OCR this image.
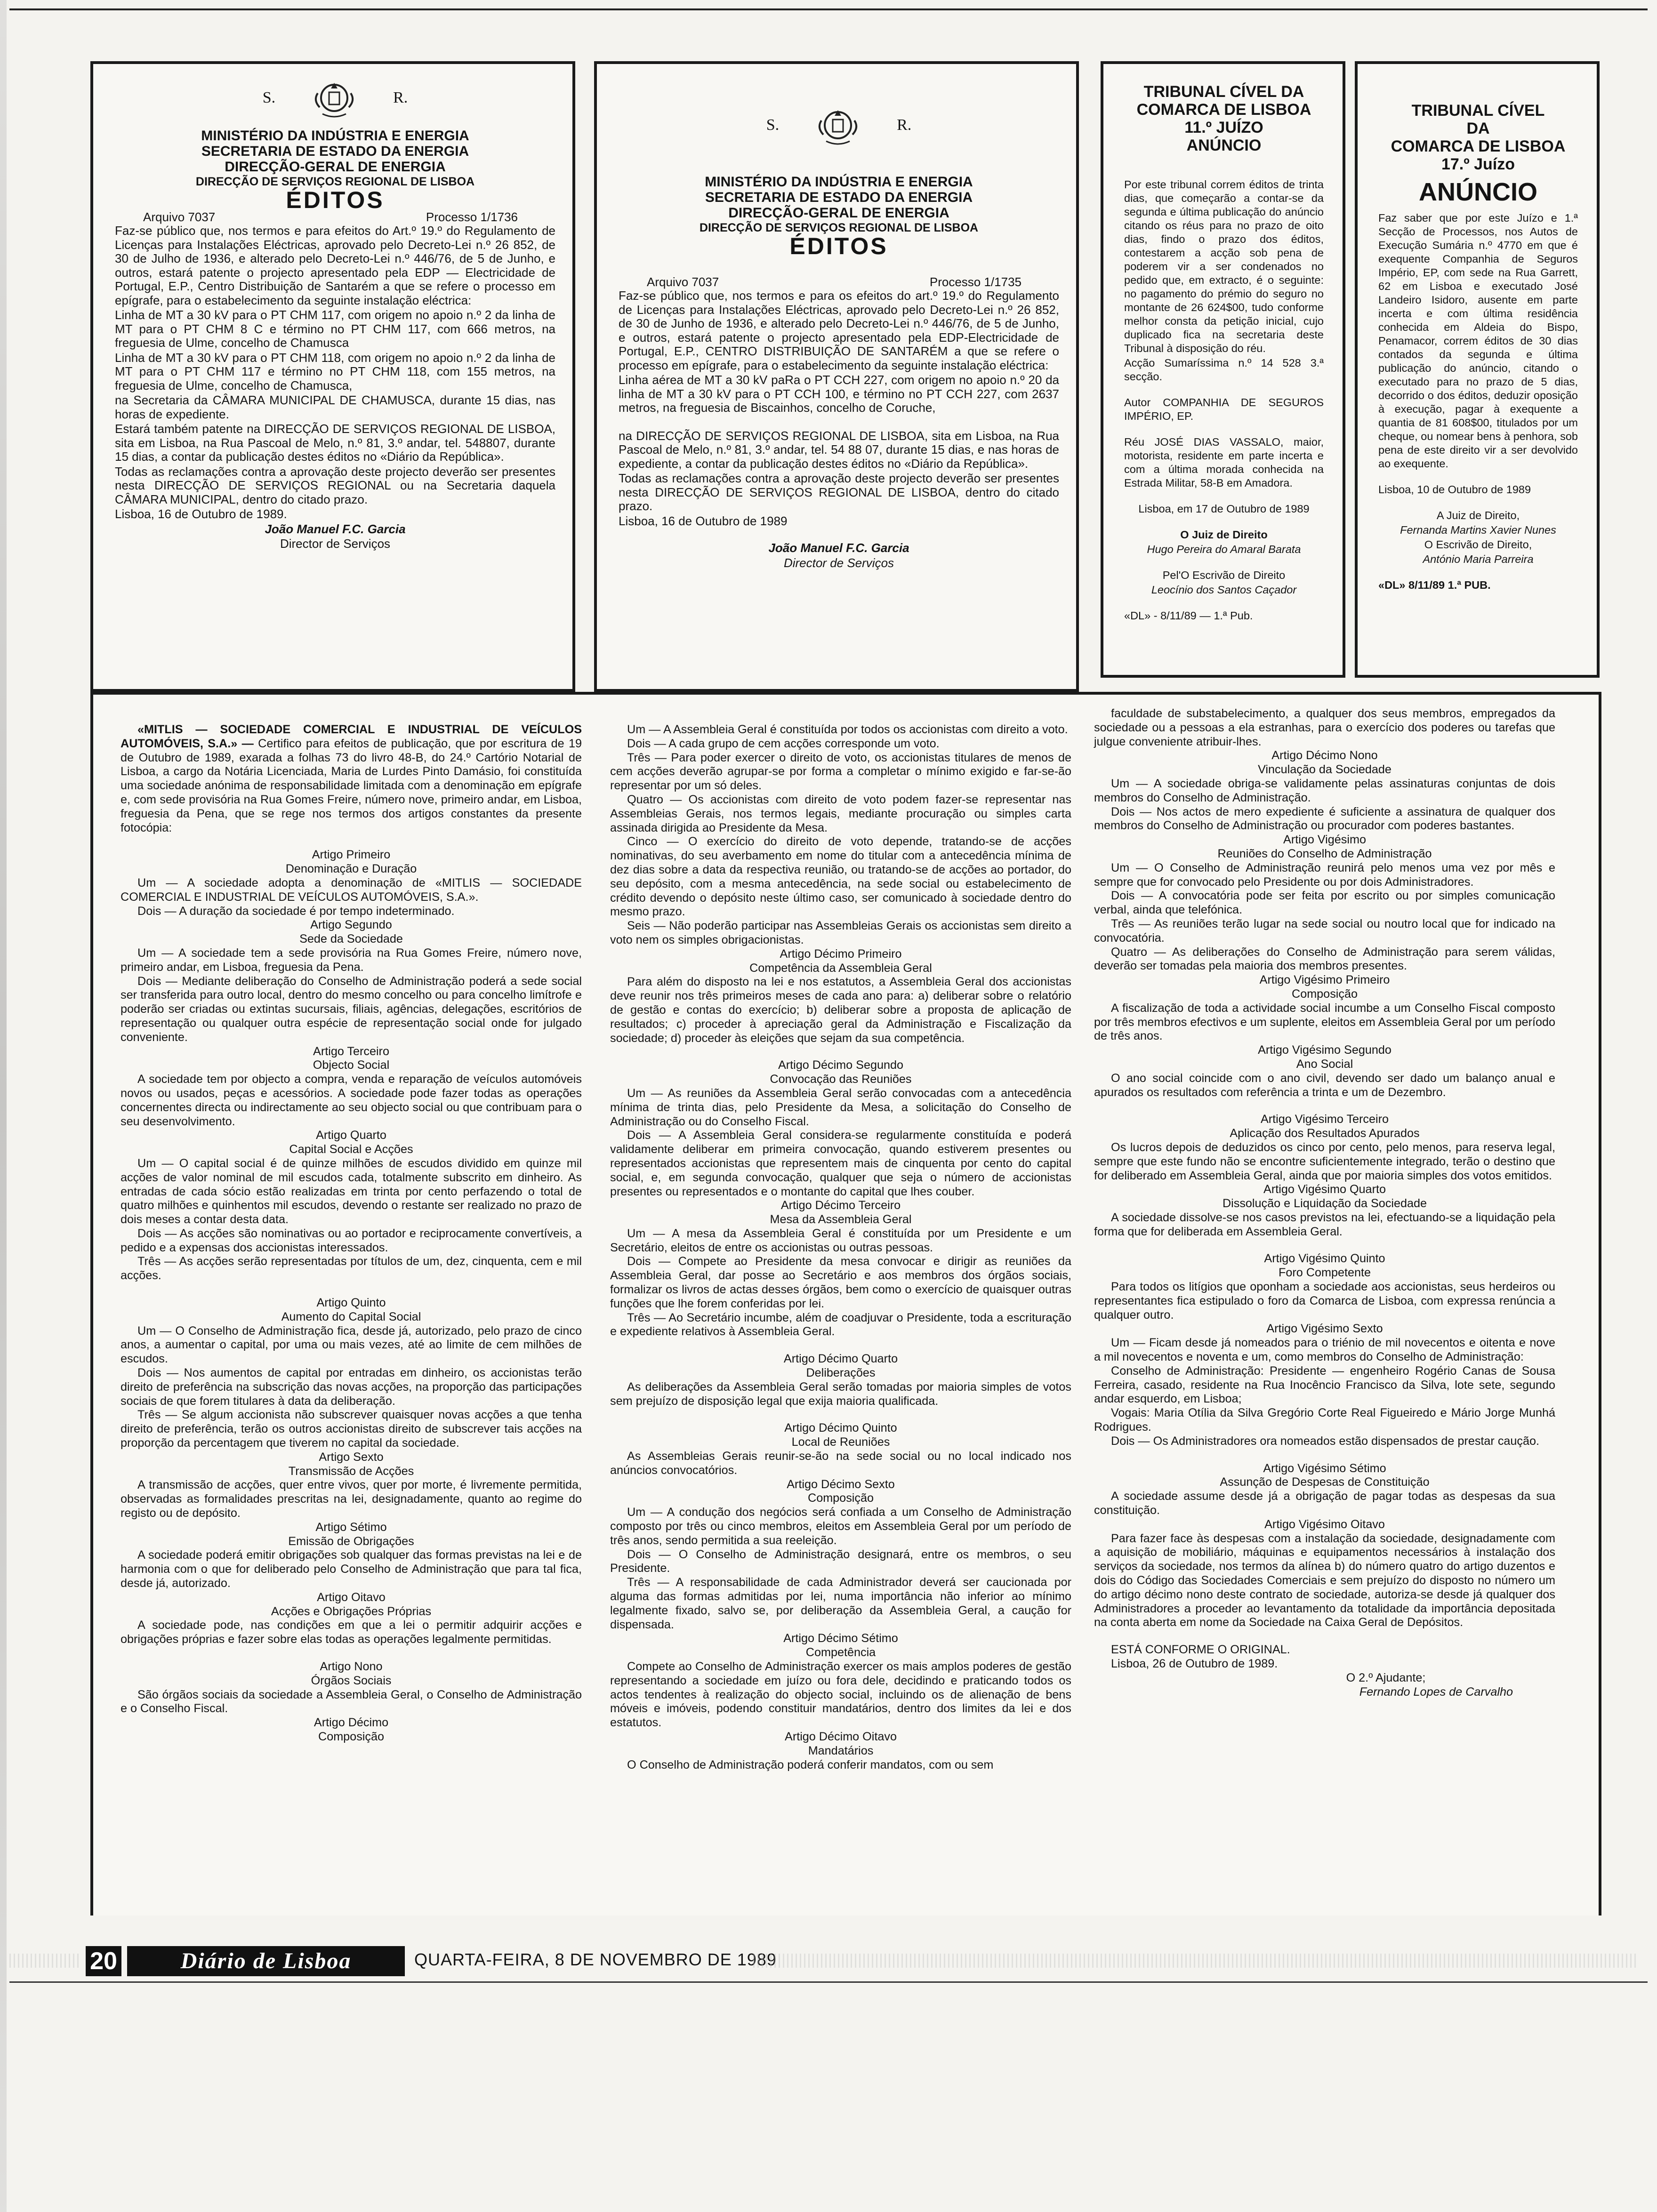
S.	R.
MINISTÉRIO DA INDÚSTRIA E ENERGIA
SECRETARIA DE ESTADO DA ENERGIA
DIRECÇÃO-GERAL DE ENERGIA
DIRECÇÃO DE SERVIÇOS REGIONAL DE LISBOA
ÉDITOS
Arquivo 7037	Processo 1/1736

Faz-se público que, nos termos e para efeitos do Art.º 19.º do Regulamento de Licenças para Instalações Eléctricas, aprovado pelo Decreto-Lei n.º 26 852, de 30 de Julho de 1936, e alterado pelo Decreto-Lei n.º 446/76, de 5 de Junho, e outros, estará patente o projecto apresentado pela EDP — Electricidade de Portugal, E.P., Centro Distribuição de Santarém a que se refere o processo em epígrafe, para o estabelecimento da seguinte instalação eléctrica:

Linha de MT a 30 kV para o PT CHM 117, com origem no apoio n.º 2 da linha de MT para o PT CHM 8 C e término no PT CHM 117, com 666 metros, na freguesia de Ulme, concelho de Chamusca

Linha de MT a 30 kV para o PT CHM 118, com origem no apoio n.º 2 da linha de MT para o PT CHM 117 e término no PT CHM 118, com 155 metros, na freguesia de Ulme, concelho de Chamusca,

na Secretaria da CÂMARA MUNICIPAL DE CHAMUSCA, durante 15 dias, nas horas de expediente.

Estará também patente na DIRECÇÃO DE SERVIÇOS REGIONAL DE LISBOA, sita em Lisboa, na Rua Pascoal de Melo, n.º 81, 3.º andar, tel. 548807, durante 15 dias, a contar da publicação destes éditos no «Diário da República».

Todas as reclamações contra a aprovação deste projecto deverão ser presentes nesta DIRECÇÃO DE SERVIÇOS REGIONAL ou na Secretaria daquela CÂMARA MUNICIPAL, dentro do citado prazo.

Lisboa, 16 de Outubro de 1989.

João Manuel F.C. Garcia

Director de Serviços

S.	R.
MINISTÉRIO DA INDÚSTRIA E ENERGIA
SECRETARIA DE ESTADO DA ENERGIA
DIRECÇÃO-GERAL DE ENERGIA
DIRECÇÃO DE SERVIÇOS REGIONAL DE LISBOA
ÉDITOS
Arquivo 7037	Processo 1/1735

Faz-se público que, nos termos e para os efeitos do art.º 19.º do Regulamento de Licenças para Instalações Eléctricas, aprovado pelo Decreto-Lei n.º 26 852, de 30 de Junho de 1936, e alterado pelo Decreto-Lei n.º 446/76, de 5 de Junho, e outros, estará patente o projecto apresentado pela EDP-Electricidade de Portugal, E.P., CENTRO DISTRIBUIÇÃO DE SANTARÉM a que se refere o processo em epígrafe, para o estabelecimento da seguinte instalação eléctrica:

Linha aérea de MT a 30 kV paRa o PT CCH 227, com origem no apoio n.º 20 da linha de MT a 30 kV para o PT CCH 100, e término no PT CCH 227, com 2637 metros, na freguesia de Biscainhos, concelho de Coruche,

na DIRECÇÃO DE SERVIÇOS REGIONAL DE LISBOA, sita em Lisboa, na Rua Pascoal de Melo, n.º 81, 3.º andar, tel. 54 88 07, durante 15 dias, e nas horas de expediente, a contar da publicação destes éditos no «Diário da República».

Todas as reclamações contra a aprovação deste projecto deverão ser presentes nesta DIRECÇÃO DE SERVIÇOS REGIONAL DE LISBOA, dentro do citado prazo.

Lisboa, 16 de Outubro de 1989

João Manuel F.C. Garcia

Director de Serviços

TRIBUNAL CÍVEL DA
COMARCA DE LISBOA
11.º JUÍZO
ANÚNCIO

Por este tribunal correm éditos de trinta dias, que começarão a contar-se da segunda e última publicação do anúncio citando os réus para no prazo de oito dias, findo o prazo dos éditos, contestarem a acção sob pena de poderem vir a ser condenados no pedido que, em extracto, é o seguinte: no pagamento do prémio do seguro no montante de 26 624$00, tudo conforme melhor consta da petição inicial, cujo duplicado fica na secretaria deste Tribunal à disposição do réu.

Acção Sumaríssima n.º 14 528 3.ª secção.

Autor COMPANHIA DE SEGUROS IMPÉRIO, EP.

Réu JOSÉ DIAS VASSALO, maior, motorista, residente em parte incerta e com a última morada conhecida na Estrada Militar, 58-B em Amadora.

Lisboa, em 17 de Outubro de 1989

O Juiz de Direito

Hugo Pereira do Amaral Barata

Pel'O Escrivão de Direito

Leocínio dos Santos Caçador

«DL» - 8/11/89 — 1.ª Pub.

TRIBUNAL CÍVEL
DA
COMARCA DE LISBOA
17.º Juízo
ANÚNCIO

Faz saber que por este Juízo e 1.ª Secção de Processos, nos Autos de Execução Sumária n.º 4770 em que é exequente Companhia de Seguros Império, EP, com sede na Rua Garrett, 62 em Lisboa e executado José Landeiro Isidoro, ausente em parte incerta e com última residência conhecida em Aldeia do Bispo, Penamacor, correm éditos de 30 dias contados da segunda e última publicação do anúncio, citando o executado para no prazo de 5 dias, decorrido o dos éditos, deduzir oposição à execução, pagar à exequente a quantia de 81 608$00, titulados por um cheque, ou nomear bens à penhora, sob pena de este direito vir a ser devolvido ao exequente.

Lisboa, 10 de Outubro de 1989

A Juiz de Direito,

Fernanda Martins Xavier Nunes

O Escrivão de Direito,

António Maria Parreira

«DL» 8/11/89 1.ª PUB.

«MITLIS — SOCIEDADE COMERCIAL E INDUSTRIAL DE VEÍCULOS AUTOMÓVEIS, S.A.» — Certifico para efeitos de publicação, que por escritura de 19 de Outubro de 1989, exarada a folhas 73 do livro 48-B, do 24.º Cartório Notarial de Lisboa, a cargo da Notária Licenciada, Maria de Lurdes Pinto Damásio, foi constituída uma sociedade anónima de responsabilidade limitada com a denominação em epígrafe e, com sede provisória na Rua Gomes Freire, número nove, primeiro andar, em Lisboa, freguesia da Pena, que se rege nos termos dos artigos constantes da presente fotocópia:

Artigo Primeiro

Denominação e Duração

Um — A sociedade adopta a denominação de «MITLIS — SOCIEDADE COMERCIAL E INDUSTRIAL DE VEÍCULOS AUTOMÓVEIS, S.A.».

Dois — A duração da sociedade é por tempo indeterminado.

Artigo Segundo

Sede da Sociedade

Um — A sociedade tem a sede provisória na Rua Gomes Freire, número nove, primeiro andar, em Lisboa, freguesia da Pena.

Dois — Mediante deliberação do Conselho de Administração poderá a sede social ser transferida para outro local, dentro do mesmo concelho ou para concelho limítrofe e poderão ser criadas ou extintas sucursais, filiais, agências, delegações, escritórios de representação ou qualquer outra espécie de representação social onde for julgado conveniente.

Artigo Terceiro

Objecto Social

A sociedade tem por objecto a compra, venda e reparação de veículos automóveis novos ou usados, peças e acessórios. A sociedade pode fazer todas as operações concernentes directa ou indirectamente ao seu objecto social ou que contribuam para o seu desenvolvimento.

Artigo Quarto

Capital Social e Acções

Um — O capital social é de quinze milhões de escudos dividido em quinze mil acções de valor nominal de mil escudos cada, totalmente subscrito em dinheiro. As entradas de cada sócio estão realizadas em trinta por cento perfazendo o total de quatro milhões e quinhentos mil escudos, devendo o restante ser realizado no prazo de dois meses a contar desta data.

Dois — As acções são nominativas ou ao portador e reciprocamente convertíveis, a pedido e a expensas dos accionistas interessados.

Três — As acções serão representadas por títulos de um, dez, cinquenta, cem e mil acções.

Artigo Quinto

Aumento do Capital Social

Um — O Conselho de Administração fica, desde já, autorizado, pelo prazo de cinco anos, a aumentar o capital, por uma ou mais vezes, até ao limite de cem milhões de escudos.

Dois — Nos aumentos de capital por entradas em dinheiro, os accionistas terão direito de preferência na subscrição das novas acções, na proporção das participações sociais de que forem titulares à data da deliberação.

Três — Se algum accionista não subscrever quaisquer novas acções a que tenha direito de preferência, terão os outros accionistas direito de subscrever tais acções na proporção da percentagem que tiverem no capital da sociedade.

Artigo Sexto

Transmissão de Acções

A transmissão de acções, quer entre vivos, quer por morte, é livremente permitida, observadas as formalidades prescritas na lei, designadamente, quanto ao regime do registo ou de depósito.

Artigo Sétimo

Emissão de Obrigações

A sociedade poderá emitir obrigações sob qualquer das formas previstas na lei e de harmonia com o que for deliberado pelo Conselho de Administração que para tal fica, desde já, autorizado.

Artigo Oitavo

Acções e Obrigações Próprias

A sociedade pode, nas condições em que a lei o permitir adquirir acções e obrigações próprias e fazer sobre elas todas as operações legalmente permitidas.

Artigo Nono

Órgãos Sociais

São órgãos sociais da sociedade a Assembleia Geral, o Conselho de Administração e o Conselho Fiscal.

Artigo Décimo

Composição

Um — A Assembleia Geral é constituída por todos os accionistas com direito a voto.

Dois — A cada grupo de cem acções corresponde um voto.

Três — Para poder exercer o direito de voto, os accionistas titulares de menos de cem acções deverão agrupar-se por forma a completar o mínimo exigido e far-se-ão representar por um só deles.

Quatro — Os accionistas com direito de voto podem fazer-se representar nas Assembleias Gerais, nos termos legais, mediante procuração ou simples carta assinada dirigida ao Presidente da Mesa.

Cinco — O exercício do direito de voto depende, tratando-se de acções nominativas, do seu averbamento em nome do titular com a antecedência mínima de dez dias sobre a data da respectiva reunião, ou tratando-se de acções ao portador, do seu depósito, com a mesma antecedência, na sede social ou estabelecimento de crédito devendo o depósito neste último caso, ser comunicado à sociedade dentro do mesmo prazo.

Seis — Não poderão participar nas Assembleias Gerais os accionistas sem direito a voto nem os simples obrigacionistas.

Artigo Décimo Primeiro

Competência da Assembleia Geral

Para além do disposto na lei e nos estatutos, a Assembleia Geral dos accionistas deve reunir nos três primeiros meses de cada ano para: a) deliberar sobre o relatório de gestão e contas do exercício; b) deliberar sobre a proposta de aplicação de resultados; c) proceder à apreciação geral da Administração e Fiscalização da sociedade; d) proceder às eleições que sejam da sua competência.

Artigo Décimo Segundo

Convocação das Reuniões

Um — As reuniões da Assembleia Geral serão convocadas com a antecedência mínima de trinta dias, pelo Presidente da Mesa, a solicitação do Conselho de Administração ou do Conselho Fiscal.

Dois — A Assembleia Geral considera-se regularmente constituída e poderá validamente deliberar em primeira convocação, quando estiverem presentes ou representados accionistas que representem mais de cinquenta por cento do capital social, e, em segunda convocação, qualquer que seja o número de accionistas presentes ou representados e o montante do capital que lhes couber.

Artigo Décimo Terceiro

Mesa da Assembleia Geral

Um — A mesa da Assembleia Geral é constituída por um Presidente e um Secretário, eleitos de entre os accionistas ou outras pessoas.

Dois — Compete ao Presidente da mesa convocar e dirigir as reuniões da Assembleia Geral, dar posse ao Secretário e aos membros dos órgãos sociais, formalizar os livros de actas desses órgãos, bem como o exercício de quaisquer outras funções que lhe forem conferidas por lei.

Três — Ao Secretário incumbe, além de coadjuvar o Presidente, toda a escrituração e expediente relativos à Assembleia Geral.

Artigo Décimo Quarto

Deliberações

As deliberações da Assembleia Geral serão tomadas por maioria simples de votos sem prejuízo de disposição legal que exija maioria qualificada.

Artigo Décimo Quinto

Local de Reuniões

As Assembleias Gerais reunir-se-ão na sede social ou no local indicado nos anúncios convocatórios.

Artigo Décimo Sexto

Composição

Um — A condução dos negócios será confiada a um Conselho de Administração composto por três ou cinco membros, eleitos em Assembleia Geral por um período de três anos, sendo permitida a sua reeleição.

Dois — O Conselho de Administração designará, entre os membros, o seu Presidente.

Três — A responsabilidade de cada Administrador deverá ser caucionada por alguma das formas admitidas por lei, numa importância não inferior ao mínimo legalmente fixado, salvo se, por deliberação da Assembleia Geral, a caução for dispensada.

Artigo Décimo Sétimo

Competência

Compete ao Conselho de Administração exercer os mais amplos poderes de gestão representando a sociedade em juízo ou fora dele, decidindo e praticando todos os actos tendentes à realização do objecto social, incluindo os de alienação de bens móveis e imóveis, podendo constituir mandatários, dentro dos limites da lei e dos estatutos.

Artigo Décimo Oitavo

Mandatários

O Conselho de Administração poderá conferir mandatos, com ou sem

faculdade de substabelecimento, a qualquer dos seus membros, empregados da sociedade ou a pessoas a ela estranhas, para o exercício dos poderes ou tarefas que julgue conveniente atribuir-lhes.

Artigo Décimo Nono

Vinculação da Sociedade

Um — A sociedade obriga-se validamente pelas assinaturas conjuntas de dois membros do Conselho de Administração.

Dois — Nos actos de mero expediente é suficiente a assinatura de qualquer dos membros do Conselho de Administração ou procurador com poderes bastantes.

Artigo Vigésimo

Reuniões do Conselho de Administração

Um — O Conselho de Administração reunirá pelo menos uma vez por mês e sempre que for convocado pelo Presidente ou por dois Administradores.

Dois — A convocatória pode ser feita por escrito ou por simples comunicação verbal, ainda que telefónica.

Três — As reuniões terão lugar na sede social ou noutro local que for indicado na convocatória.

Quatro — As deliberações do Conselho de Administração para serem válidas, deverão ser tomadas pela maioria dos membros presentes.

Artigo Vigésimo Primeiro

Composição

A fiscalização de toda a actividade social incumbe a um Conselho Fiscal composto por três membros efectivos e um suplente, eleitos em Assembleia Geral por um período de três anos.

Artigo Vigésimo Segundo

Ano Social

O ano social coincide com o ano civil, devendo ser dado um balanço anual e apurados os resultados com referência a trinta e um de Dezembro.

Artigo Vigésimo Terceiro

Aplicação dos Resultados Apurados

Os lucros depois de deduzidos os cinco por cento, pelo menos, para reserva legal, sempre que este fundo não se encontre suficientemente integrado, terão o destino que for deliberado em Assembleia Geral, ainda que por maioria simples dos votos emitidos.

Artigo Vigésimo Quarto

Dissolução e Liquidação da Sociedade

A sociedade dissolve-se nos casos previstos na lei, efectuando-se a liquidação pela forma que for deliberada em Assembleia Geral.

Artigo Vigésimo Quinto

Foro Competente

Para todos os litígios que oponham a sociedade aos accionistas, seus herdeiros ou representantes fica estipulado o foro da Comarca de Lisboa, com expressa renúncia a qualquer outro.

Artigo Vigésimo Sexto

Um — Ficam desde já nomeados para o triénio de mil novecentos e oitenta e nove a mil novecentos e noventa e um, como membros do Conselho de Administração:

Conselho de Administração: Presidente — engenheiro Rogério Canas de Sousa Ferreira, casado, residente na Rua Inocêncio Francisco da Silva, lote sete, segundo andar esquerdo, em Lisboa;

Vogais: Maria Otília da Silva Gregório Corte Real Figueiredo e Mário Jorge Munhá Rodrigues.

Dois — Os Administradores ora nomeados estão dispensados de prestar caução.

Artigo Vigésimo Sétimo

Assunção de Despesas de Constituição

A sociedade assume desde já a obrigação de pagar todas as despesas da sua constituição.

Artigo Vigésimo Oitavo

Para fazer face às despesas com a instalação da sociedade, designadamente com a aquisição de mobiliário, máquinas e equipamentos necessários à instalação dos serviços da sociedade, nos termos da alínea b) do número quatro do artigo duzentos e dois do Código das Sociedades Comerciais e sem prejuízo do disposto no número um do artigo décimo nono deste contrato de sociedade, autoriza-se desde já qualquer dos Administradores a proceder ao levantamento da totalidade da importância depositada na conta aberta em nome da Sociedade na Caixa Geral de Depósitos.

ESTÁ CONFORME O ORIGINAL.

Lisboa, 26 de Outubro de 1989.

O 2.º Ajudante;

Fernando Lopes de Carvalho

20	Diário de Lisboa	QUARTA-FEIRA, 8 DE NOVEMBRO DE 1989
